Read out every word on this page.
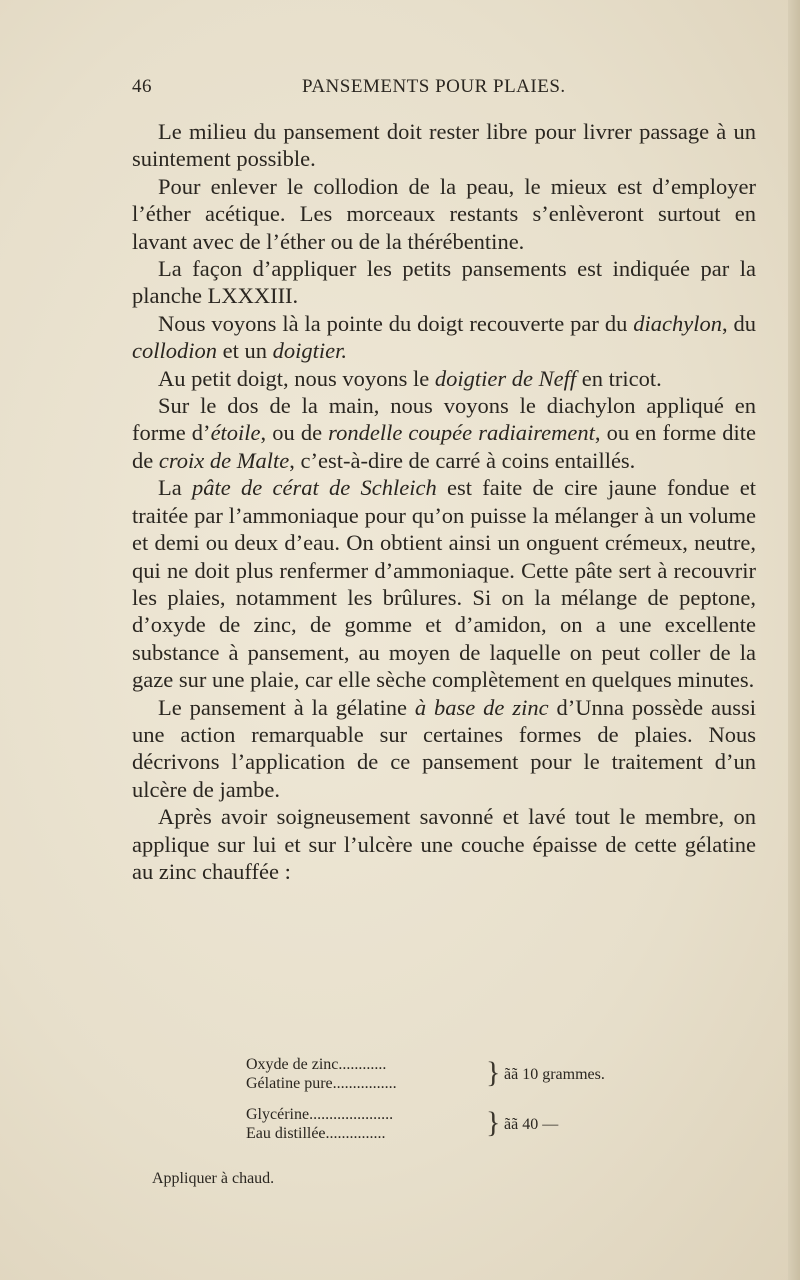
46	PANSEMENTS POUR PLAIES.

Le milieu du pansement doit rester libre pour livrer passage à un suintement possible.

Pour enlever le collodion de la peau, le mieux est d’employer l’éther acétique. Les morceaux restants s’enlèveront surtout en lavant avec de l’éther ou de la thérébentine.

La façon d’appliquer les petits pansements est indiquée par la planche LXXXIII.

Nous voyons là la pointe du doigt recouverte par du diachylon, du collodion et un doigtier.

Au petit doigt, nous voyons le doigtier de Neff en tricot.

Sur le dos de la main, nous voyons le diachylon appliqué en forme d’étoile, ou de rondelle coupée radiairement, ou en forme dite de croix de Malte, c’est-à-dire de carré à coins entaillés.

La pâte de cérat de Schleich est faite de cire jaune fondue et traitée par l’ammoniaque pour qu’on puisse la mélanger à un volume et demi ou deux d’eau. On obtient ainsi un onguent crémeux, neutre, qui ne doit plus renfermer d’ammoniaque. Cette pâte sert à recouvrir les plaies, notamment les brûlures. Si on la mélange de peptone, d’oxyde de zinc, de gomme et d’amidon, on a une excellente substance à pansement, au moyen de laquelle on peut coller de la gaze sur une plaie, car elle sèche complètement en quelques minutes.

Le pansement à la gélatine à base de zinc d’Unna possède aussi une action remarquable sur certaines formes de plaies. Nous décrivons l’application de ce pansement pour le traitement d’un ulcère de jambe.

Après avoir soigneusement savonné et lavé tout le membre, on applique sur lui et sur l’ulcère une couche épaisse de cette gélatine au zinc chauffée :

Oxyde de zinc............
Gélatine pure................	} ãã 10 grammes.
Glycérine.....................
Eau distillée...............	} ãã 40 —
Appliquer à chaud.
